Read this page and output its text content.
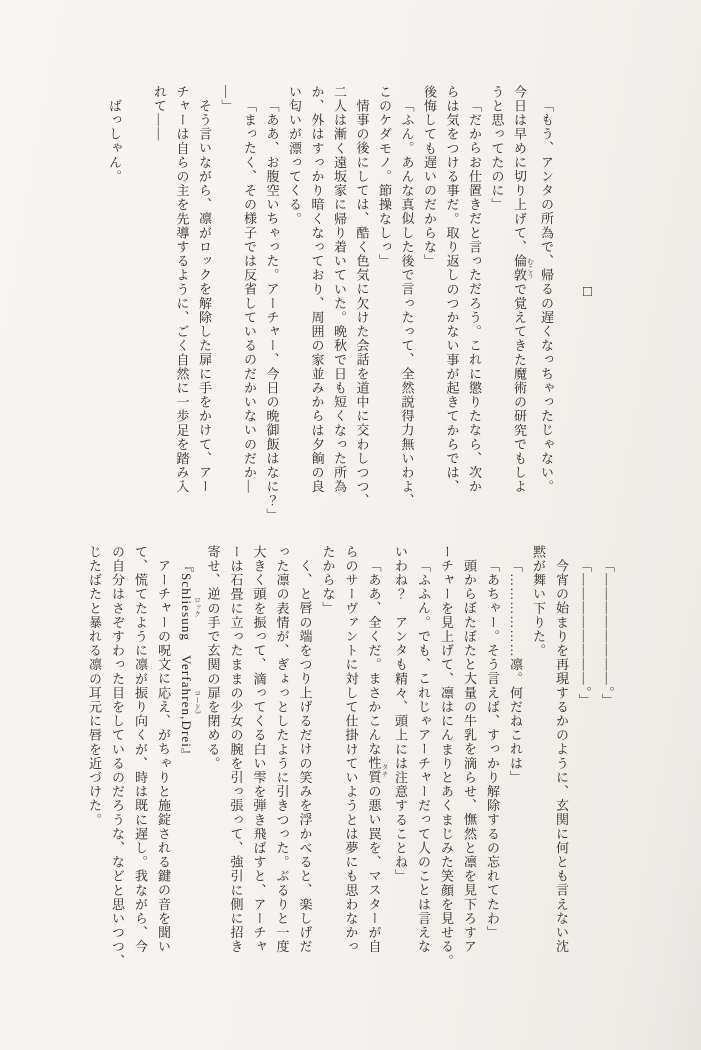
□

「もう、アンタの所為で、帰るの遅くなっちゃったじゃない。

今日は早めに切り上げて、倫敦 むこうで覚えてきた魔術の研究でもしよ

うと思ってたのに」

「だからお仕置きだと言っただろう。これに懲りたなら、次か

らは気をつける事だ。取り返しのつかない事が起きてからでは、

後悔しても遅いのだからな」

「ふん。あんな真似した後で言ったって、全然説得力無いわよ、

このケダモノ。節操なしっ」

情事の後にしては、酷く色気に欠けた会話を道中に交わしつつ、

二人は漸く遠坂家に帰り着いていた。晩秋で日も短くなった所為

か、外はすっかり暗くなっており、周囲の家並みからは夕餉の良

い匂いが漂ってくる。

「ああ、お腹空いちゃった。アーチャー、今日の晩御飯はなに？」

「まったく、その様子では反省しているのだかいないのだか―

―」

そう言いながら、凛がロックを解除した扉に手をかけて、アー

チャーは自らの主を先導するように、ごく自然に一歩足を踏み入

れて――

ばっしゃん。

「――――――――。」

「――――――――。」

今宵の始まりを再現するかのように、玄関に何とも言えない沈

黙が舞い下りた。

「………………凛。何だねこれは」

「あちゃー。そう言えば、すっかり解除するの忘れてたわ」

頭からぼたぼたと大量の牛乳を滴らせ、憮然と凛を見下ろすア

ーチャーを見上げて、凛はにんまりとあくまじみた笑顔を見せる。

「ふふん。でも、これじゃアーチャーだって人のことは言えな

いわね？　アンタも精々、頭上には注意することね」

「ああ、全くだ。まさかこんな性質 タチの悪い罠を、マスターが自

らのサーヴァントに対して仕掛けていようとは夢にも思わなかっ

たからな」

く、と唇の端をつり上げるだけの笑みを浮かべると、楽しげだ

った凛の表情が、ぎょっとしたように引きつった。ぶるりと一度

大きく頭を振って、滴ってくる白い雫を弾き飛ばすと、アーチャ

ーは石畳に立ったままの少女の腕を引っ張って、強引に側に招き

寄せ、逆の手で玄関の扉を閉める。

『Schliesung ロック　Verfahren,Drei コード3』

アーチャーの呪文に応え、がちゃりと施錠される鍵の音を聞い

て、慌てたように凛が振り向くが、時は既に遅し。我ながら、今

の自分はさぞすわった目をしているのだろうな、などと思いつつ、

じたばたと暴れる凛の耳元に唇を近づけた。
